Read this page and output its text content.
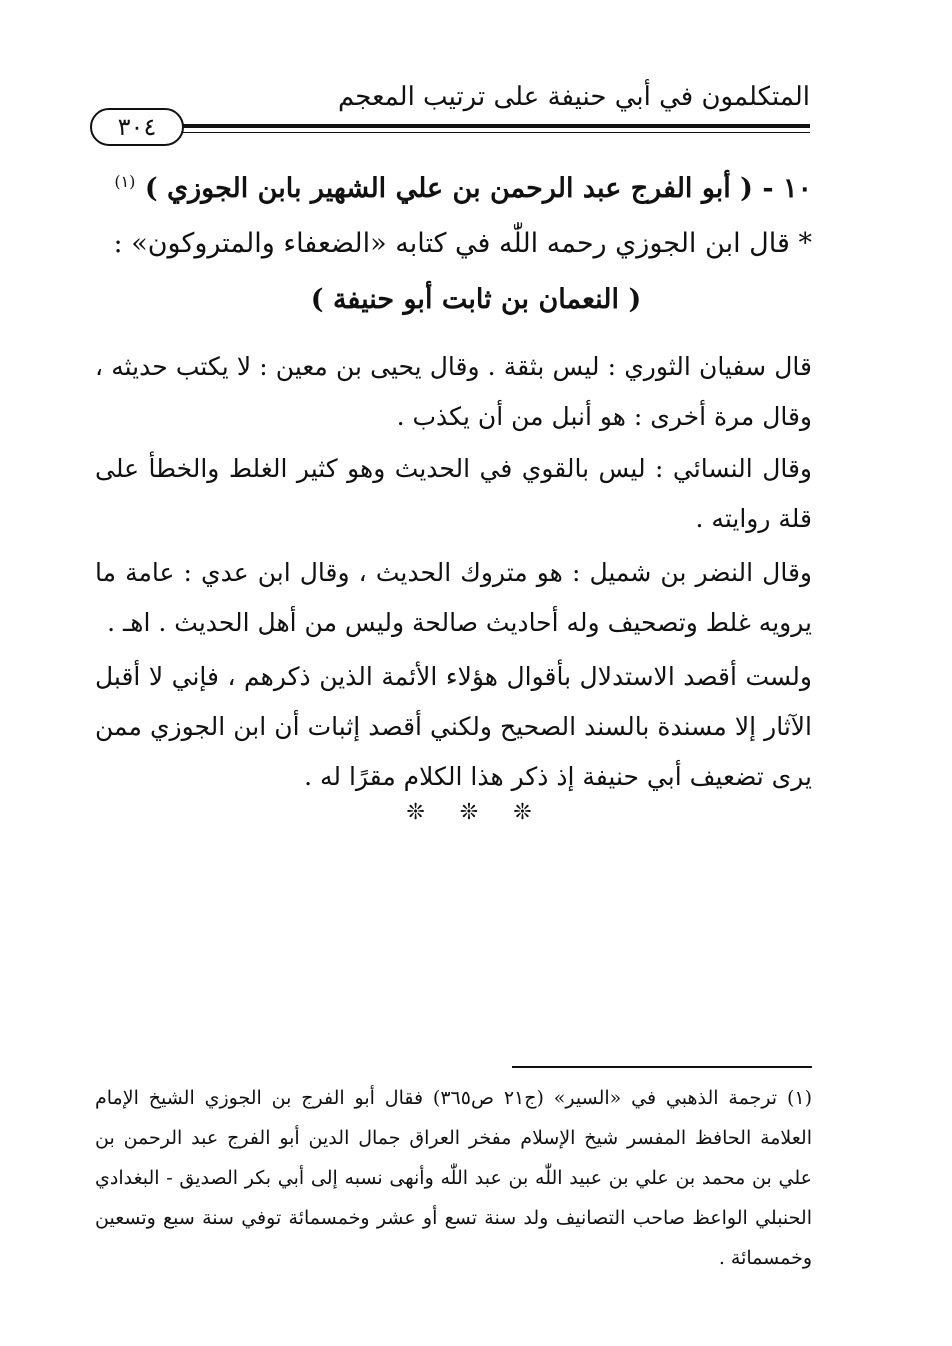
المتكلمون في أبي حنيفة على ترتيب المعجم
٣٠٤
١٠ - ( أبو الفرج عبد الرحمن بن علي الشهير بابن الجوزي ) $^{(١)}$
* قال ابن الجوزي رحمه اللّٰه في كتابه «الضعفاء والمتروكون» :
( النعمان بن ثابت أبو حنيفة )
قال سفيان الثوري : ليس بثقة . وقال يحيى بن معين : لا يكتب حديثه ، وقال مرة أخرى : هو أنبل من أن يكذب .
وقال النسائي : ليس بالقوي في الحديث وهو كثير الغلط والخطأ على قلة روايته .
وقال النضر بن شميل : هو متروك الحديث ، وقال ابن عدي : عامة ما يرويه غلط وتصحيف وله أحاديث صالحة وليس من أهل الحديث . اهـ .
ولست أقصد الاستدلال بأقوال هؤلاء الأئمة الذين ذكرهم ، فإني لا أقبل الآثار إلا مسندة بالسند الصحيح ولكني أقصد إثبات أن ابن الجوزي ممن يرى تضعيف أبي حنيفة إذ ذكر هذا الكلام مقرًا له .
❊ ❊ ❊
(١) ترجمة الذهبي في «السير» (ج٢١ ص٣٦٥) فقال أبو الفرج بن الجوزي الشيخ الإمام العلامة الحافظ المفسر شيخ الإسلام مفخر العراق جمال الدين أبو الفرج عبد الرحمن بن علي بن محمد بن علي بن عبيد اللّٰه بن عبد اللّٰه وأنهى نسبه إلى أبي بكر الصديق - البغدادي الحنبلي الواعظ صاحب التصانيف ولد سنة تسع أو عشر وخمسمائة توفي سنة سبع وتسعين وخمسمائة .
